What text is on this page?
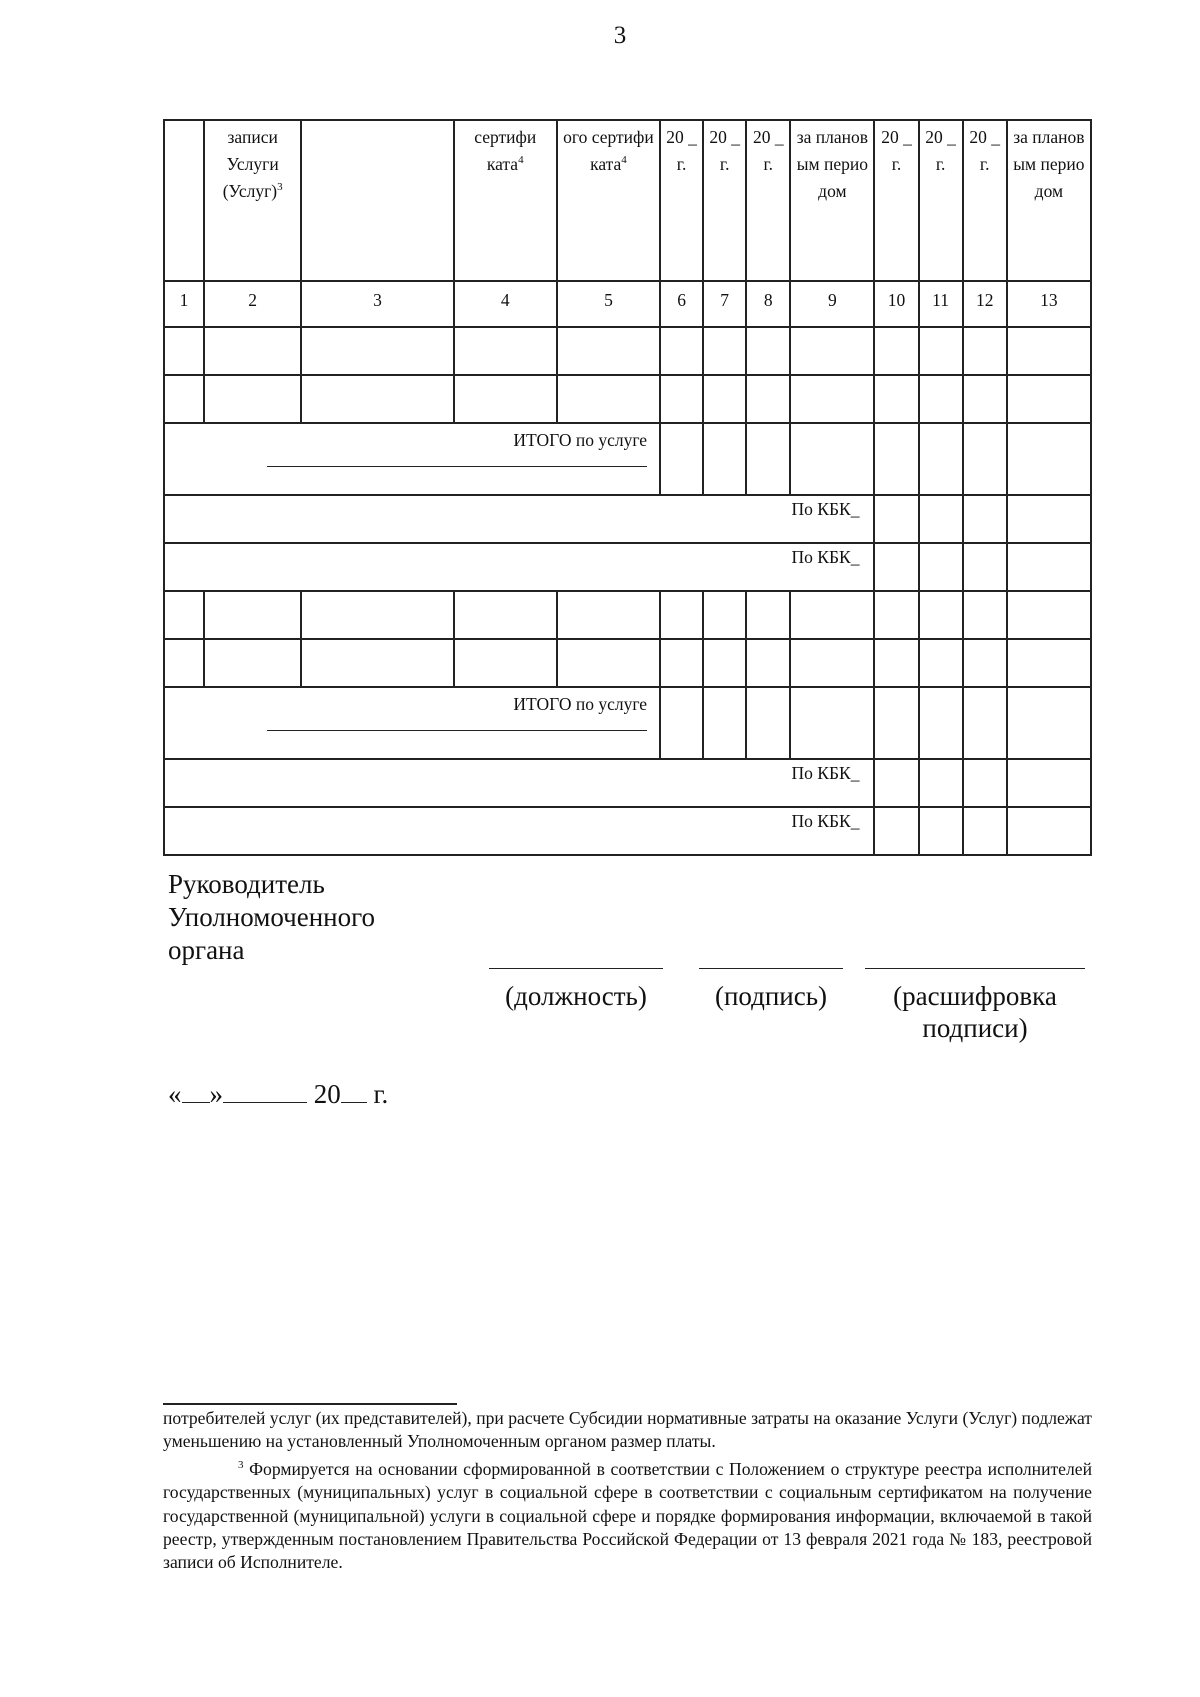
3
	записи Услуги (Услуг)$^3$		сертифи ката$^4$	ого сертифи ката$^4$	20 _ г.	20 _ г.	20 _ г.	за планов ым перио дом	20 _ г.	20 _ г.	20 _ г.	за планов ым перио дом
1	2	3	4	5	6	7	8	9	10	11	12	13

ИТОГО по услуге												

По КБК_												
По КБК_												

ИТОГО по услуге												

По КБК_												
По КБК_												
Руководитель
Уполномоченного
органа
(должность)	(подпись)	(расшифровка
подписи)
« »	20 г.

потребителей услуг (их представителей), при расчете Субсидии нормативные затраты на оказание Услуги (Услуг) подлежат уменьшению на установленный Уполномоченным органом размер платы.

$^3$ Формируется на основании сформированной в соответствии с Положением о структуре реестра исполнителей государственных (муниципальных) услуг в социальной сфере в соответствии с социальным сертификатом на получение государственной (муниципальной) услуги в социальной сфере и порядке формирования информации, включаемой в такой реестр, утвержденным постановлением Правительства Российской Федерации от 13 февраля 2021 года № 183, реестровой записи об Исполнителе.
